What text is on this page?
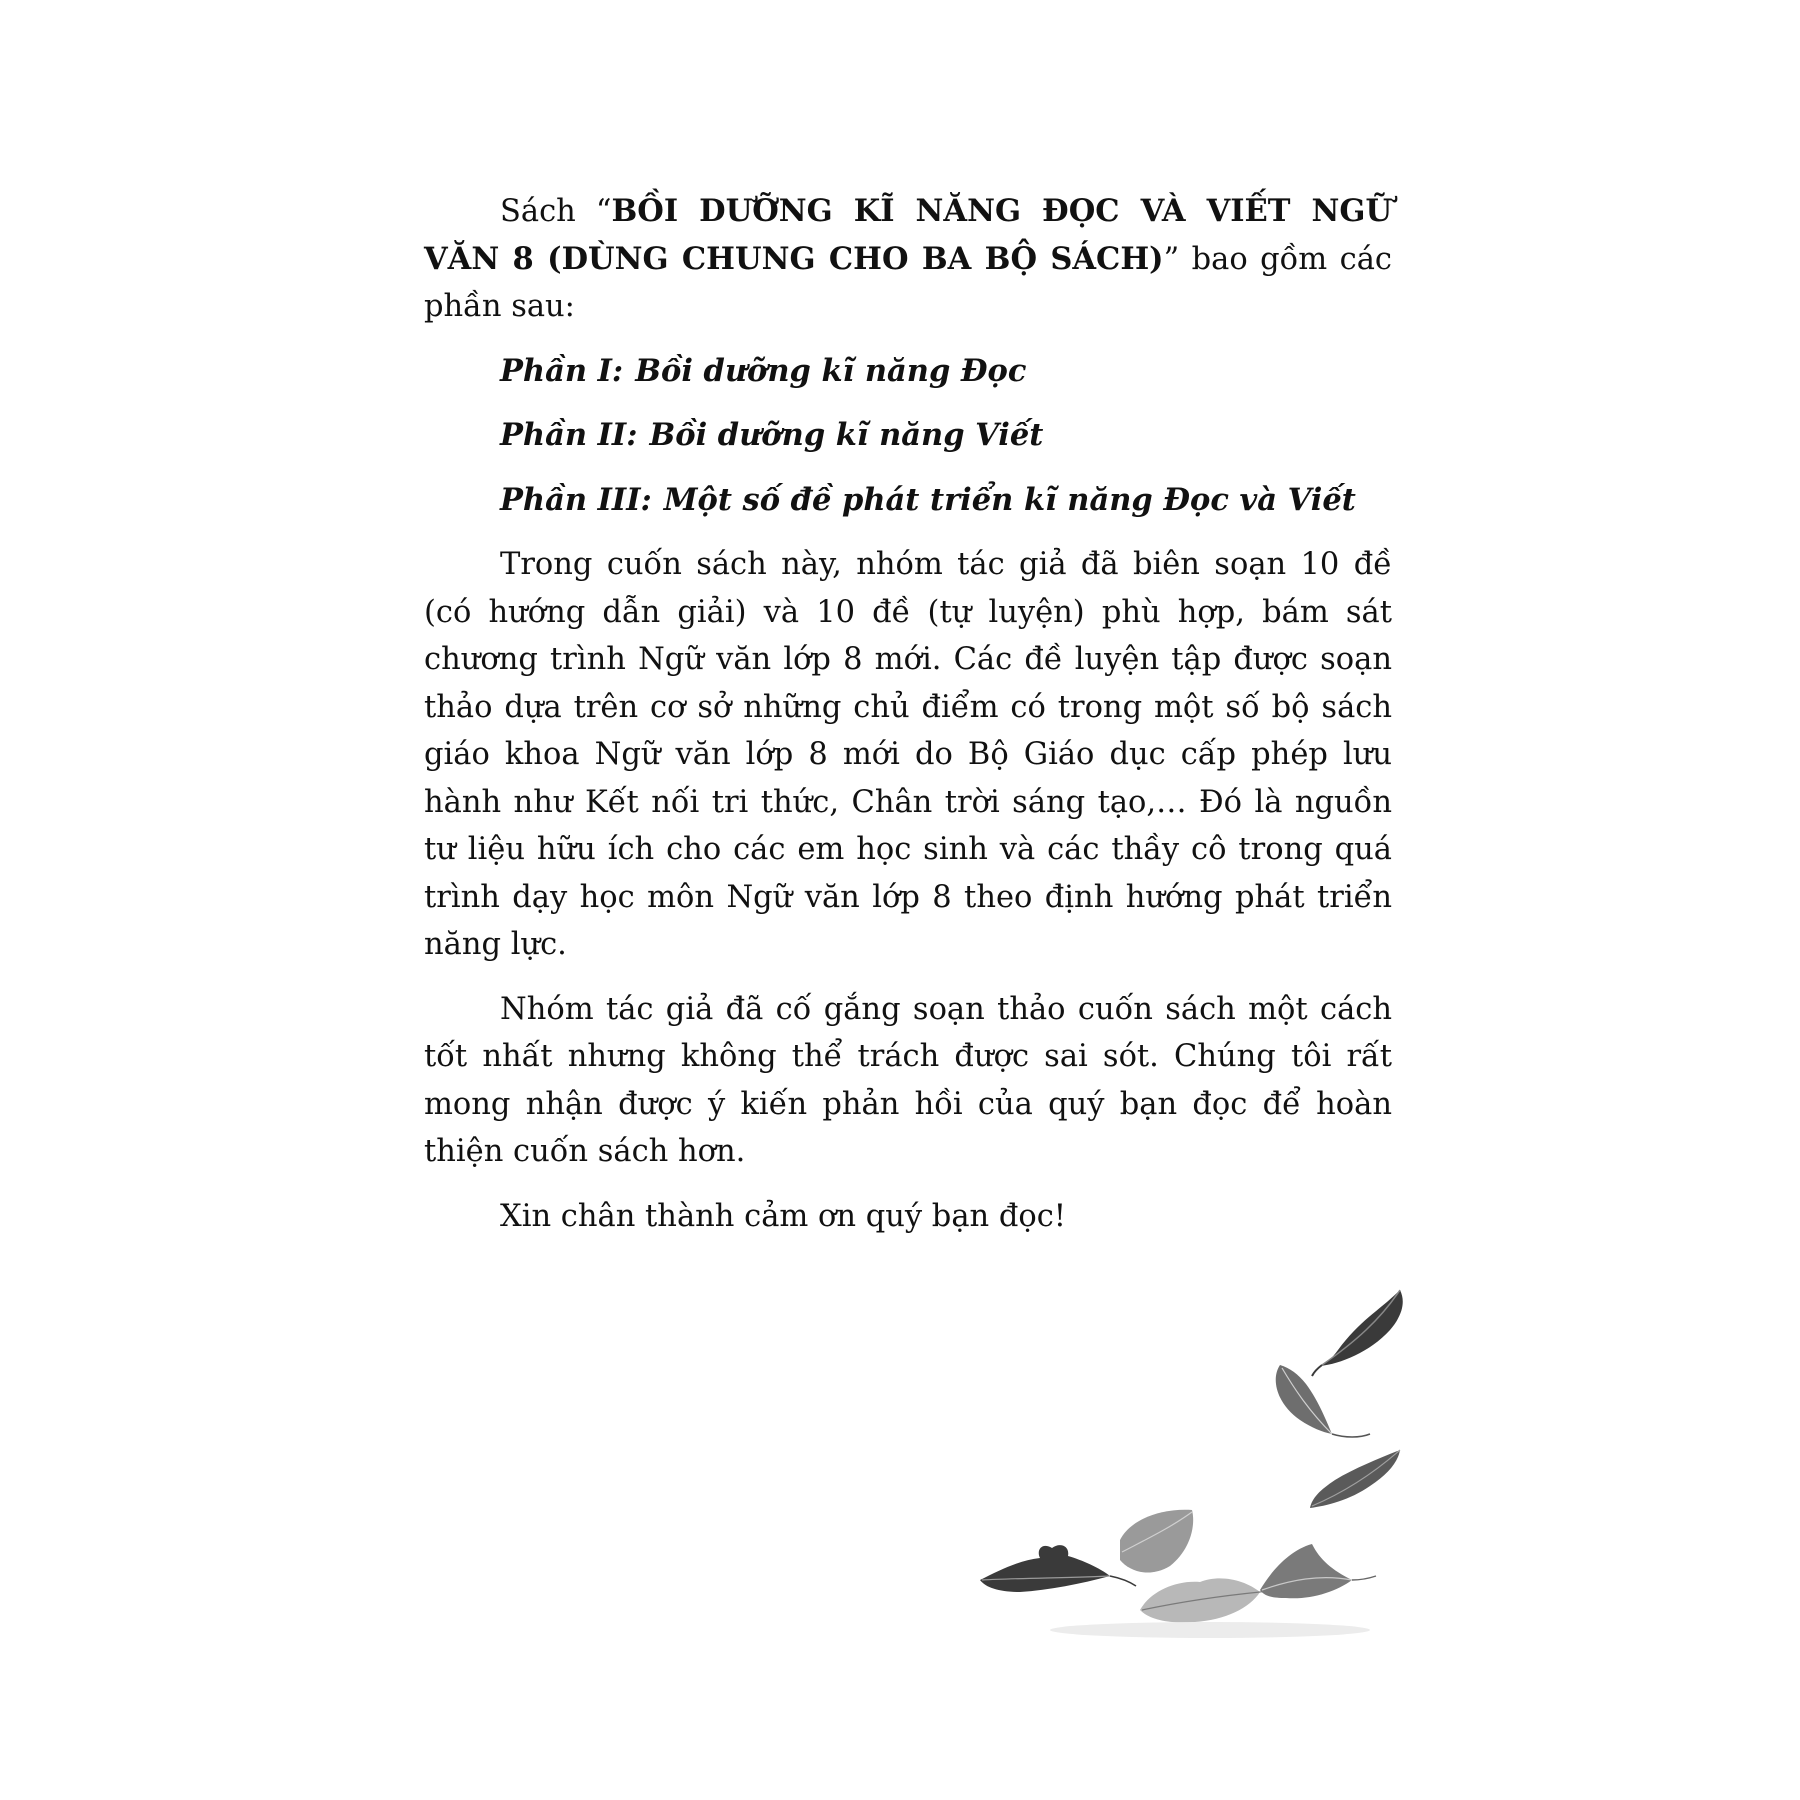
Sách “BỒI DƯỠNG KĨ NĂNG ĐỌC VÀ VIẾT NGỮ VĂN 8 (DÙNG CHUNG CHO BA BỘ SÁCH)” bao gồm các phần sau:

Phần I: Bồi dưỡng kĩ năng Đọc

Phần II: Bồi dưỡng kĩ năng Viết

Phần III: Một số đề phát triển kĩ năng Đọc và Viết

Trong cuốn sách này, nhóm tác giả đã biên soạn 10 đề (có hướng dẫn giải) và 10 đề (tự luyện) phù hợp, bám sát chương trình Ngữ văn lớp 8 mới. Các đề luyện tập được soạn thảo dựa trên cơ sở những chủ điểm có trong một số bộ sách giáo khoa Ngữ văn lớp 8 mới do Bộ Giáo dục cấp phép lưu hành như Kết nối tri thức, Chân trời sáng tạo,… Đó là nguồn tư liệu hữu ích cho các em học sinh và các thầy cô trong quá trình dạy học môn Ngữ văn lớp 8 theo định hướng phát triển năng lực.

Nhóm tác giả đã cố gắng soạn thảo cuốn sách một cách tốt nhất nhưng không thể trách được sai sót. Chúng tôi rất mong nhận được ý kiến phản hồi của quý bạn đọc để hoàn thiện cuốn sách hơn.

Xin chân thành cảm ơn quý bạn đọc!
